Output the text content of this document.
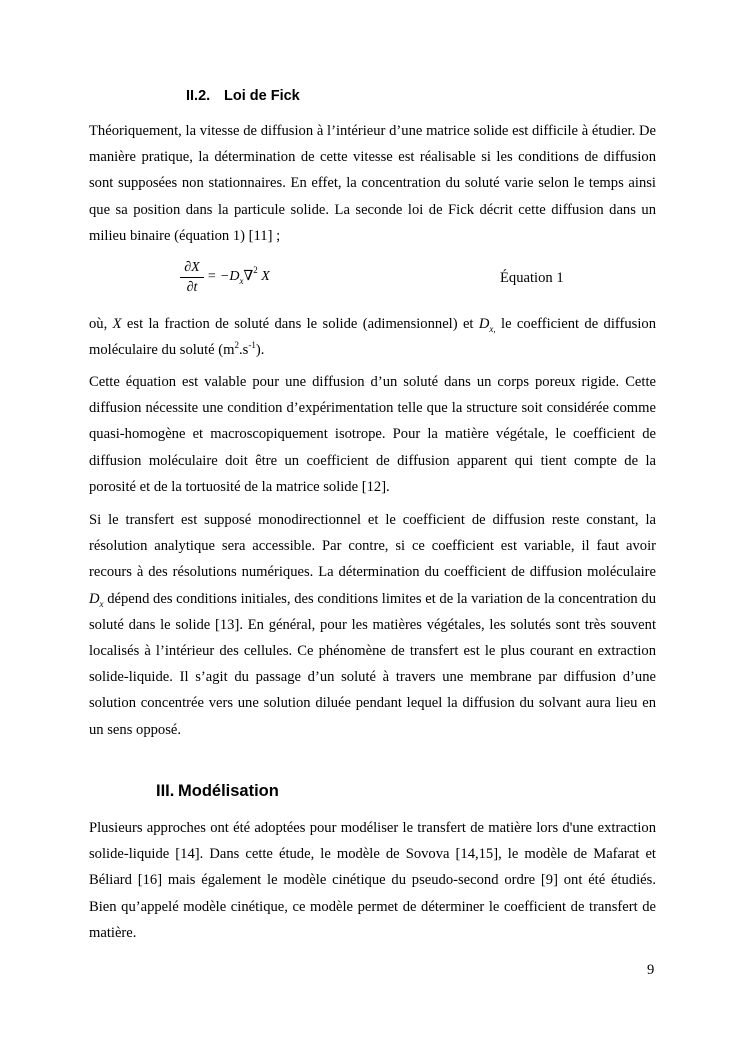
II.2. Loi de Fick

Théoriquement, la vitesse de diffusion à l’intérieur d’une matrice solide est difficile à étudier. De manière pratique, la détermination de cette vitesse est réalisable si les conditions de diffusion sont supposées non stationnaires. En effet, la concentration du soluté varie selon le temps ainsi que sa position dans la particule solide. La seconde loi de Fick décrit cette diffusion dans un milieu binaire (équation 1) [11] ;

∂X
∂t
= $-D_x\nabla^2$ X	Équation 1

où, X est la fraction de soluté dans le solide (adimensionnel) et $D_{x,}$ le coefficient de diffusion moléculaire du soluté $(m^2.s^{-1})$.

Cette équation est valable pour une diffusion d’un soluté dans un corps poreux rigide. Cette diffusion nécessite une condition d’expérimentation telle que la structure soit considérée comme quasi-homogène et macroscopiquement isotrope. Pour la matière végétale, le coefficient de diffusion moléculaire doit être un coefficient de diffusion apparent qui tient compte de la porosité et de la tortuosité de la matrice solide [12].

Si le transfert est supposé monodirectionnel et le coefficient de diffusion reste constant, la résolution analytique sera accessible. Par contre, si ce coefficient est variable, il faut avoir recours à des résolutions numériques. La détermination du coefficient de diffusion moléculaire $D_x$ dépend des conditions initiales, des conditions limites et de la variation de la concentration du soluté dans le solide [13]. En général, pour les matières végétales, les solutés sont très souvent localisés à l’intérieur des cellules. Ce phénomène de transfert est le plus courant en extraction solide-liquide. Il s’agit du passage d’un soluté à travers une membrane par diffusion d’une solution concentrée vers une solution diluée pendant lequel la diffusion du solvant aura lieu en un sens opposé.

III. Modélisation

Plusieurs approches ont été adoptées pour modéliser le transfert de matière lors d'une extraction solide-liquide [14]. Dans cette étude, le modèle de Sovova [14,15], le modèle de Mafarat et Béliard [16] mais également le modèle cinétique du pseudo-second ordre [9] ont été étudiés. Bien qu’appelé modèle cinétique, ce modèle permet de déterminer le coefficient de transfert de matière.

9
